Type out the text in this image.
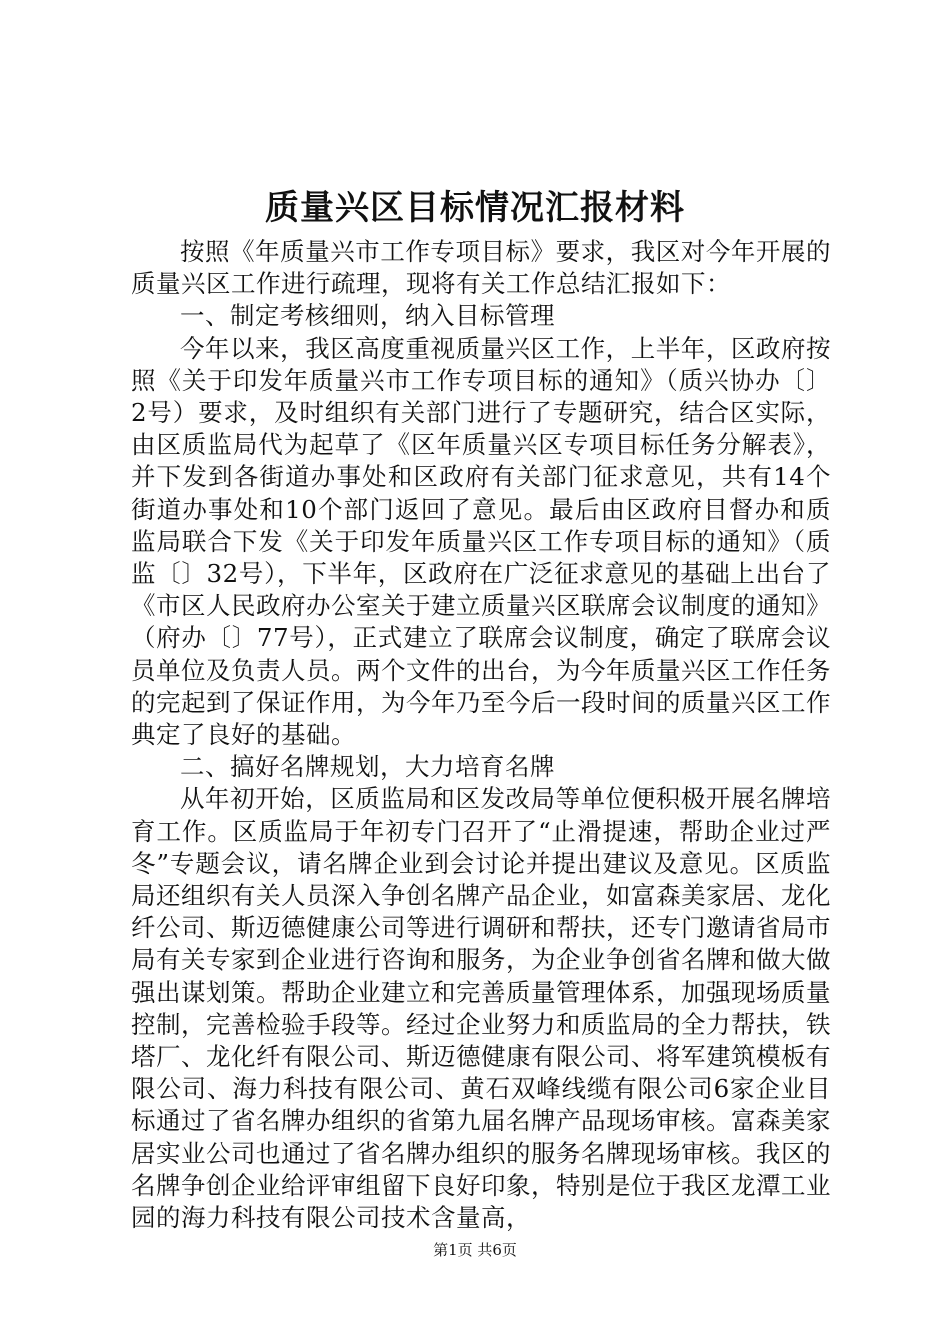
质量兴区目标情况汇报材料

按照《年质量兴市工作专项目标》要求，我区对今年开展的质量兴区工作进行疏理，现将有关工作总结汇报如下：

一、制定考核细则，纳入目标管理

今年以来，我区高度重视质量兴区工作，上半年，区政府按照《关于印发年质量兴市工作专项目标的通知》（质兴协办〔〕2号）要求，及时组织有关部门进行了专题研究，结合区实际，由区质监局代为起草了《区年质量兴区专项目标任务分解表》，并下发到各街道办事处和区政府有关部门征求意见，共有14个街道办事处和10个部门返回了意见。最后由区政府目督办和质监局联合下发《关于印发年质量兴区工作专项目标的通知》（质监〔〕32号），下半年，区政府在广泛征求意见的基础上出台了《市区人民政府办公室关于建立质量兴区联席会议制度的通知》（府办〔〕77号），正式建立了联席会议制度，确定了联席会议员单位及负责人员。两个文件的出台，为今年质量兴区工作任务的完起到了保证作用，为今年乃至今后一段时间的质量兴区工作典定了良好的基础。

二、搞好名牌规划，大力培育名牌

从年初开始，区质监局和区发改局等单位便积极开展名牌培育工作。区质监局于年初专门召开了“止滑提速，帮助企业过严冬”专题会议，请名牌企业到会讨论并提出建议及意见。区质监局还组织有关人员深入争创名牌产品企业，如富森美家居、龙化纤公司、斯迈德健康公司等进行调研和帮扶，还专门邀请省局市局有关专家到企业进行咨询和服务，为企业争创省名牌和做大做强出谋划策。帮助企业建立和完善质量管理体系，加强现场质量控制，完善检验手段等。经过企业努力和质监局的全力帮扶，铁塔厂、龙化纤有限公司、斯迈德健康有限公司、将军建筑模板有限公司、海力科技有限公司、黄石双峰线缆有限公司6家企业目标通过了省名牌办组织的省第九届名牌产品现场审核。富森美家居实业公司也通过了省名牌办组织的服务名牌现场审核。我区的名牌争创企业给评审组留下良好印象，特别是位于我区龙潭工业园的海力科技有限公司技术含量高，

第1页 共6页
